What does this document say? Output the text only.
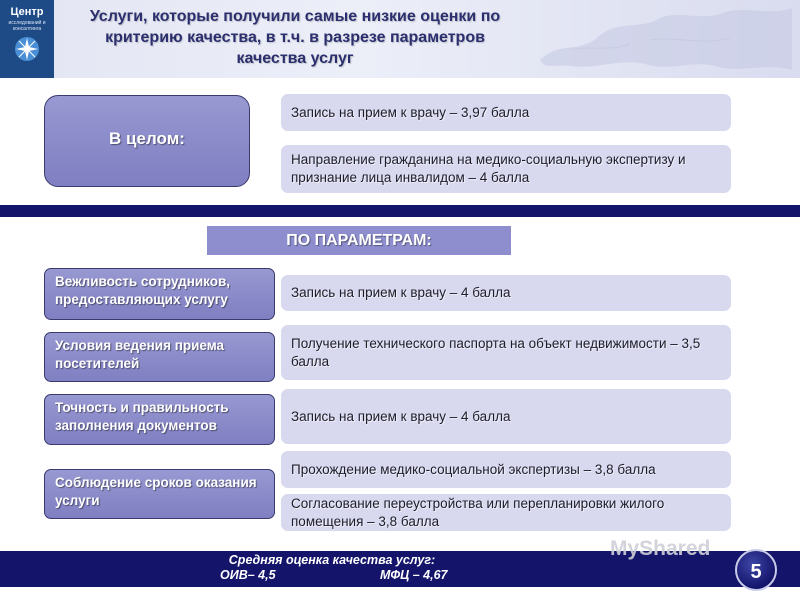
Центр
исследований и консалтинга
Услуги, которые получили самые низкие оценки по критерию качества, в т.ч. в разрезе параметров качества услуг
В целом:
Запись на прием к врачу – 3,97 балла
Направление гражданина на медико-социальную экспертизу и признание лица инвалидом – 4 балла
ПО ПАРАМЕТРАМ:
Вежливость сотрудников, предоставляющих услугу	Запись на прием к врачу – 4 балла
Условия ведения приема посетителей
Получение технического паспорта на объект недвижимости – 3,5 балла
Точность и правильность заполнения документов
Запись на прием к врачу – 4 балла
Соблюдение сроков оказания услуги
Прохождение медико-социальной экспертизы – 3,8 балла
Согласование переустройства или перепланировки жилого помещения – 3,8 балла
Средняя оценка качества услуг:
ОИВ– 4,5	МФЦ – 4,67
MyShared
5
